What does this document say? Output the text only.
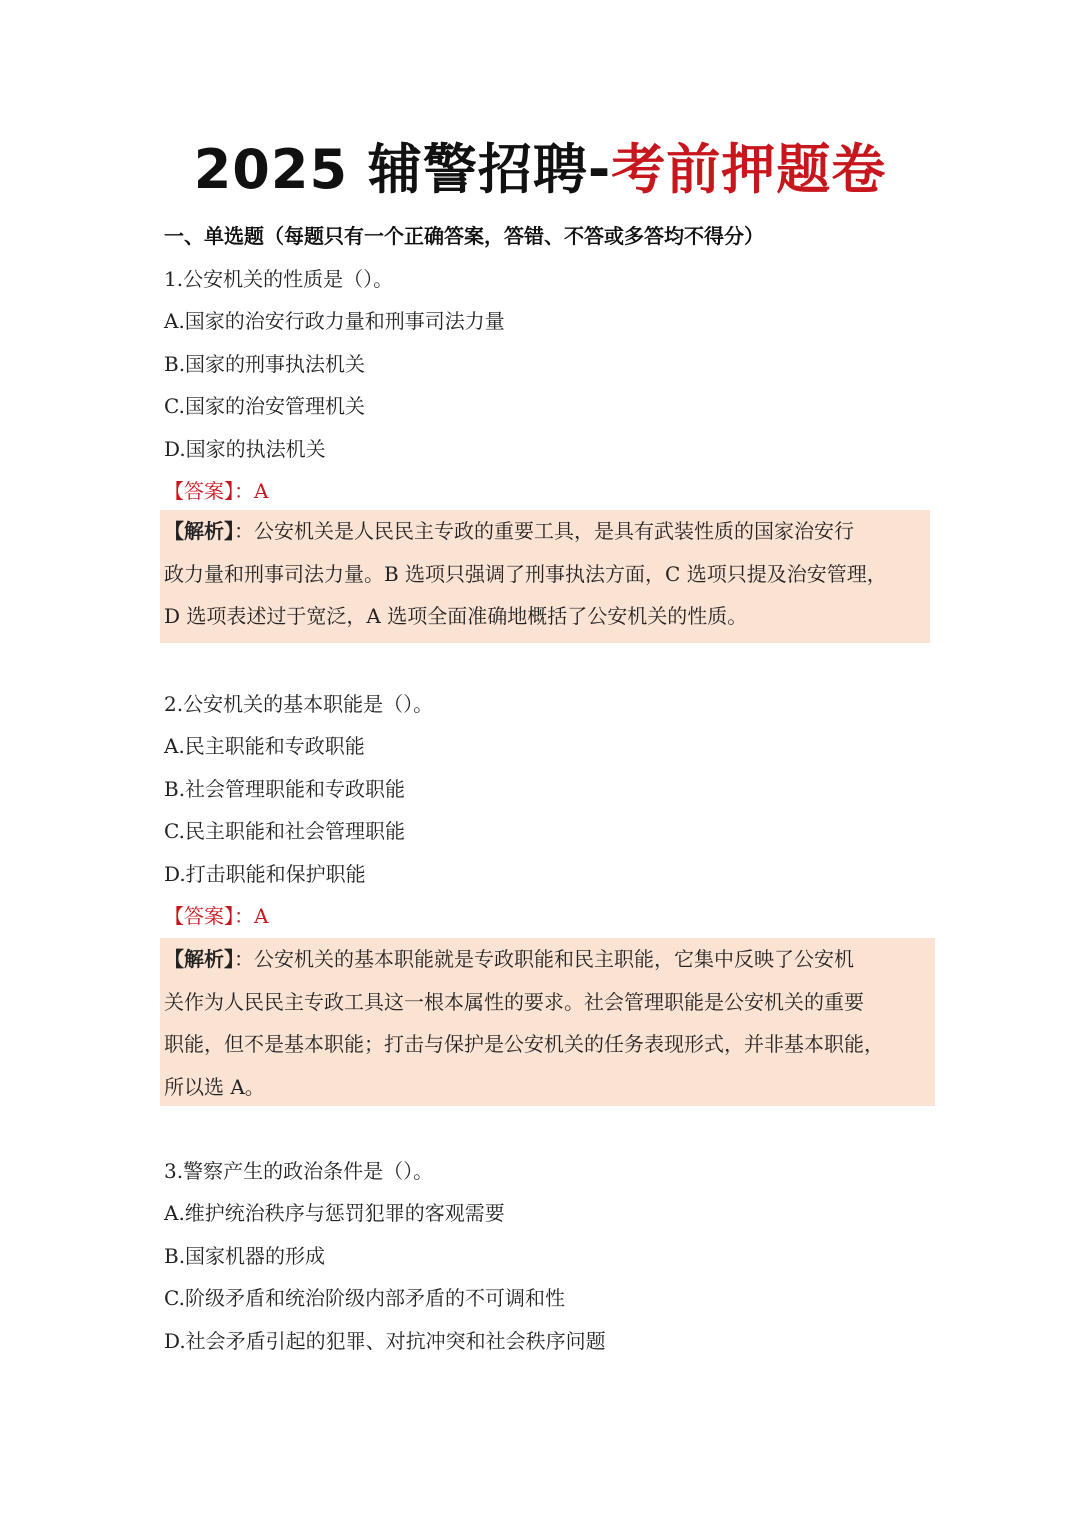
2025 辅警招聘-考前押题卷
一、单选题（每题只有一个正确答案，答错、不答或多答均不得分）
1.公安机关的性质是（）。
A.国家的治安行政力量和刑事司法力量
B.国家的刑事执法机关
C.国家的治安管理机关
D.国家的执法机关
【答案】：A

【解析】：公安机关是人民民主专政的重要工具，是具有武装性质的国家治安行

政力量和刑事司法力量。B 选项只强调了刑事执法方面，C 选项只提及治安管理，

D 选项表述过于宽泛，A 选项全面准确地概括了公安机关的性质。

2.公安机关的基本职能是（）。
A.民主职能和专政职能
B.社会管理职能和专政职能
C.民主职能和社会管理职能
D.打击职能和保护职能
【答案】：A

【解析】：公安机关的基本职能就是专政职能和民主职能，它集中反映了公安机

关作为人民民主专政工具这一根本属性的要求。社会管理职能是公安机关的重要

职能，但不是基本职能；打击与保护是公安机关的任务表现形式，并非基本职能，

所以选 A。

3.警察产生的政治条件是（）。
A.维护统治秩序与惩罚犯罪的客观需要
B.国家机器的形成
C.阶级矛盾和统治阶级内部矛盾的不可调和性
D.社会矛盾引起的犯罪、对抗冲突和社会秩序问题
